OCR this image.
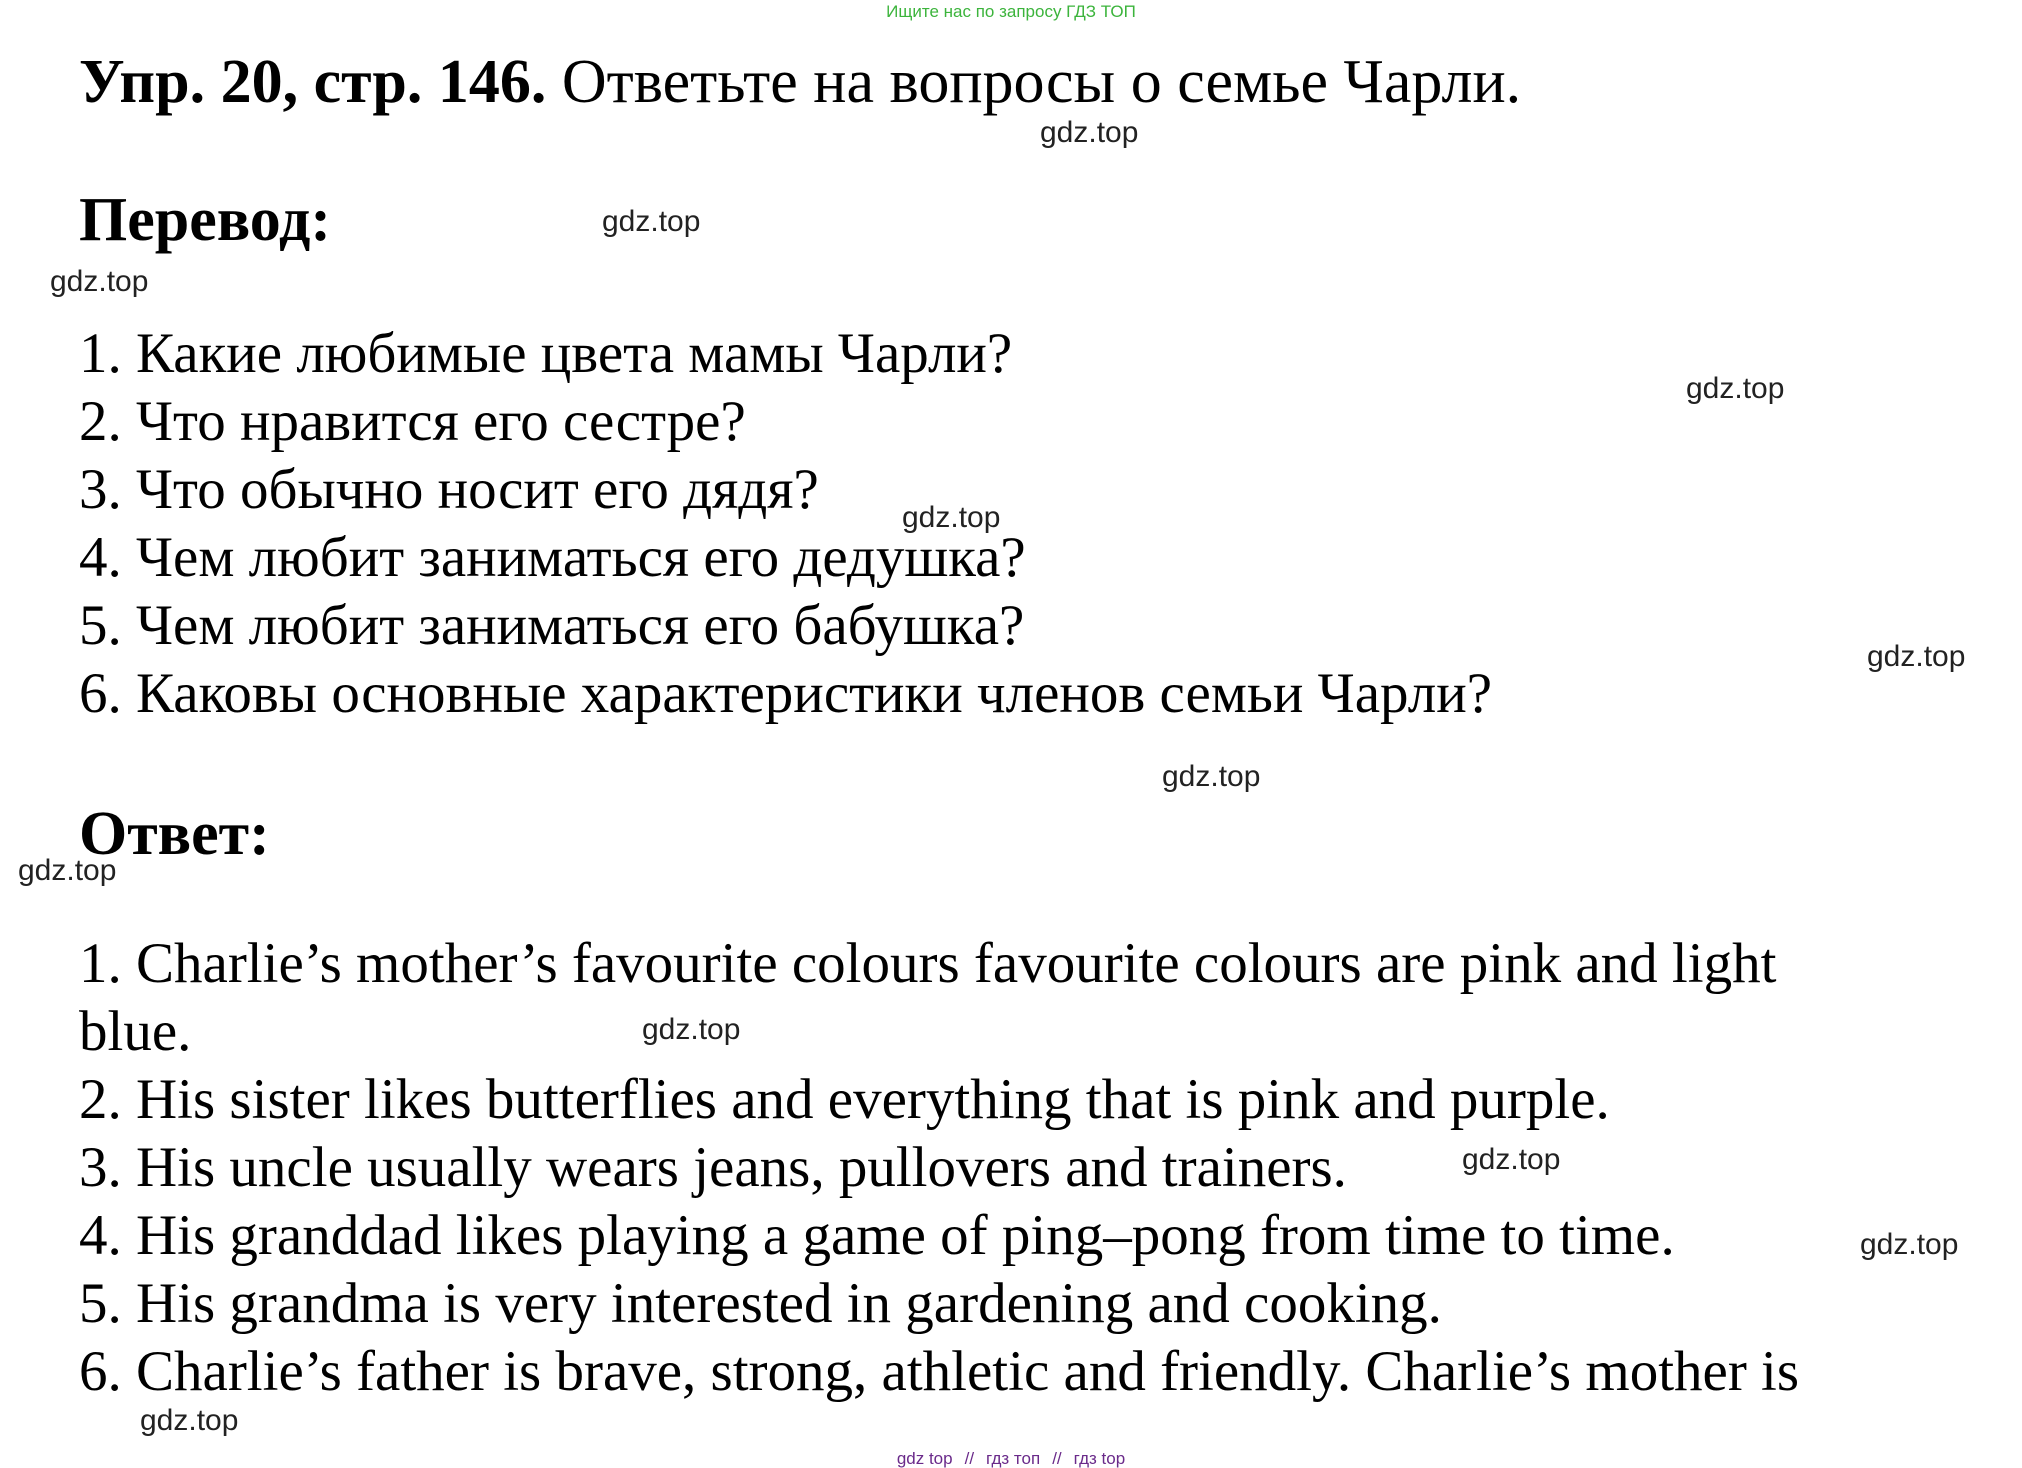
Ищите нас по запросу ГДЗ ТОП
Упр. 20, стр. 146. Ответьте на вопросы о семье Чарли.
Перевод:
1. Какие любимые цвета мамы Чарли?
2. Что нравится его сестре?
3. Что обычно носит его дядя?
4. Чем любит заниматься его дедушка?
5. Чем любит заниматься его бабушка?
6. Каковы основные характеристики членов семьи Чарли?
Ответ:
1. Charlie’s mother’s favourite colours favourite colours are pink and light
blue.
2. His sister likes butterflies and everything that is pink and purple.
3. His uncle usually wears jeans, pullovers and trainers.
4. His granddad likes playing a game of ping–pong from time to time.
5. His grandma is very interested in gardening and cooking.
6. Charlie’s father is brave, strong, athletic and friendly. Charlie’s mother is
gdz.top
gdz.top
gdz.top
gdz.top
gdz.top
gdz.top
gdz.top
gdz.top
gdz.top
gdz.top
gdz.top
gdz.top
gdz top // гдз топ // гдз top
